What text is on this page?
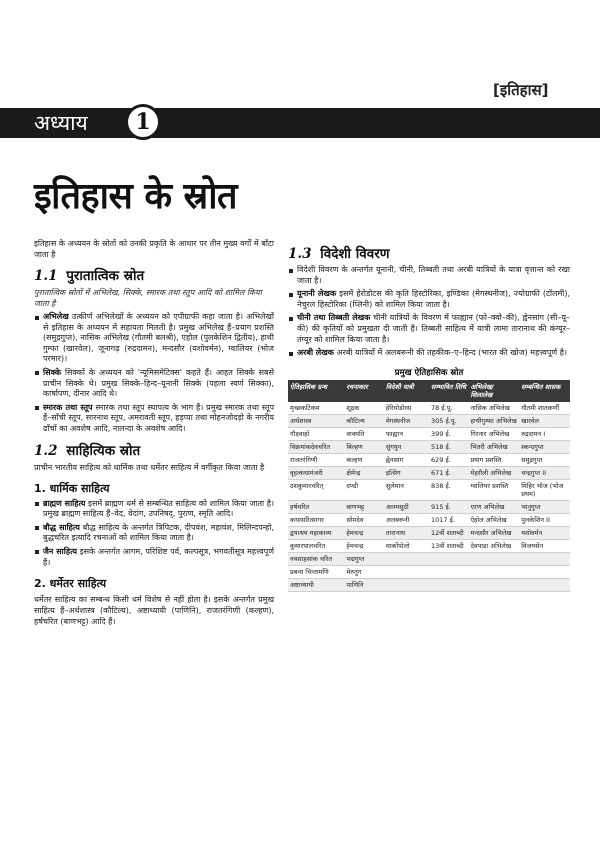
[इतिहास]
अध्याय	1
इतिहास के स्रोत

इतिहास के अध्ययन के स्रोतों को उनकी प्रकृति के आधार पर तीन मुख्य वर्गों में बाँटा जाता है

1.1 पुरातात्विक स्रोत

पुरातात्विक स्रोतों में अभिलेख, सिक्के, स्मारक तथा स्तूप आदि को शामिल किया जाता है

अभिलेख उत्कीर्ण अभिलेखों के अध्ययन को एपीग्राफी कहा जाता है। अभिलेखों से इतिहास के अध्ययन में सहायता मिलती है। प्रमुख अभिलेख हैं–प्रयाग प्रशस्ति (समुद्रगुप्त), नासिक अभिलेख (गौतमी बलश्री), एहोल (पुलकेशिन द्वितीय), हाथी गुम्फा (खारवेल), जूनागढ़ (रुद्रदामन), मन्दसौर (यशोवर्मन), ग्वालियर (भोज परमार)।
सिक्के सिक्कों के अध्ययन को 'न्यूमिसमेटिक्स' कहते हैं। आहत सिक्के सबसे प्राचीन सिक्के थे। प्रमुख सिक्के–हिन्द–यूनानी सिक्के (पहला स्वर्ण सिक्का), कार्षापण, दीनार आदि थे।
स्मारक तथा स्तूप स्मारक तथा स्तूप स्थापत्य के भाग हैं। प्रमुख स्मारक तथा स्तूप हैं–साँची स्तूप, सारनाथ स्तूप, अमरावती स्तूप, हड़प्पा तथा मोहनजोदड़ो के नगरीय ढाँचों का अवशेष आदि, नालन्दा के अवशेष आदि।
1.2 साहित्यिक स्रोत

प्राचीन भारतीय साहित्य को धार्मिक तथा धर्मेतर साहित्य में वर्गीकृत किया जाता है

1. धार्मिक साहित्य
ब्राह्मण साहित्य इसमें ब्राह्मण धर्म से सम्बन्धित साहित्य को शामिल किया जाता है। प्रमुख ब्राह्मण साहित्य हैं–वेद, वेदांग, उपनिषद्, पुराण, स्मृति आदि।
बौद्ध साहित्य बौद्ध साहित्य के अन्तर्गत त्रिपिटक, दीपवंश, महावंश, मिलिन्दपन्हो, बुद्धचरित इत्यादि रचनाओं को शामिल किया जाता है।
जैन साहित्य इसके अन्तर्गत आगम, परिशिष्ट पर्व, कल्पसूत्र, भगवतीसूत्र महत्त्वपूर्ण हैं।
2. धर्मेतर साहित्य

धर्मेतर साहित्य का सम्बन्ध किसी धर्म विशेष से नहीं होता है। इसके अन्तर्गत प्रमुख साहित्य हैं–अर्थशास्त्र (कौटिल्य), अष्टाध्यायी (पाणिनि), राजतरंगिणी (कल्हण), हर्षचरित (बाणभट्ट) आदि हैं।

1.3 विदेशी विवरण
विदेशी विवरण के अन्तर्गत यूनानी, चीनी, तिब्बती तथा अरबी यात्रियों के यात्रा वृत्तान्त को रखा जाता है।
यूनानी लेखक इसमें हेरोडोटस की कृति हिस्टोरिका, इण्डिका (मेगस्थनीज), ज्योग्राफी (टॉलमी), नेचुरल हिस्टोरिका (प्लिनी) को शामिल किया जाता है।
चीनी तथा तिब्बती लेखक चीनी यात्रियों के विवरण में फाह्यान (फो–क्वो–की), ह्वेनसांग (सी–यू–की) की कृतियों को प्रमुखता दी जाती है। तिब्बती साहित्य में यात्री लामा तारानाथ की कंग्यूर–तंग्यूर को शामिल किया जाता है।
अरबी लेखक अरबी यात्रियों में अलबरूनी की तहकीक–ए–हिन्द (भारत की खोज) महत्त्वपूर्ण है।
प्रमुख ऐतिहासिक स्रोत
ऐतिहासिक ग्रन्थ	रचनाकार	विदेशी यात्री	सम्भावित तिथि	अभिलेख/ शिलालेख	सम्बन्धित शासक
मृच्छकटिकम	शूद्रक	हेरियोडोरस	78 ई.पू.	नासिक अभिलेख	गौतमी शातकर्णी
अर्थशास्त्र	कौटिल्य	मेगस्थनीज	305 ई.पू.	हाथीगुम्फा अभिलेख	खारवेल
गौड़वाहो	वाक्पति	फाह्यान	399 ई.	गिरनार अभिलेख	रुद्रदामन I
विक्रमांकदेवचरित	बिल्हण	सुंगयुन	518 ई.	भितरी अभिलेख	स्कन्दगुप्त
राजतरंगिणी	कल्हण	ह्वेनसांग	629 ई.	प्रयाग प्रशस्ति	समुद्रगुप्त
वृहत्कथामंजरी	क्षेमेन्द्र	इत्सिंग	671 ई.	मेहरौली अभिलेख	चन्द्रगुप्त II
दशकुमारचरित्	दण्डी	सुलेमान	838 ई.	ग्वालियर प्रशस्ति	मिहिर भोज (भोज प्रथम)
हर्षचरित	बाणभट्ट	अलमसूदी	915 ई.	एरण अभिलेख	भानुगुप्त
कथासरित्सागर	सोमदेव	अलबरूनी	1017 ई.	ऐहोल अभिलेख	पुलकेशिन II
द्वयाश्रय महाकाव्य	हेमचन्द्र	तारानाथ	12वीं शताब्दी	मन्दसौर अभिलेख	यशोवर्मन
कुमारपालचरित	हेमचन्द्र	मार्कोपोलो	13वीं शताब्दी	देवपाडा अभिलेख	विजयसेन
नवसाहसांक चरित	पद्मगुप्त				
प्रबन्ध चिन्तामणि	मेरुतुंग				
अष्टाध्यायी	पाणिनि				
